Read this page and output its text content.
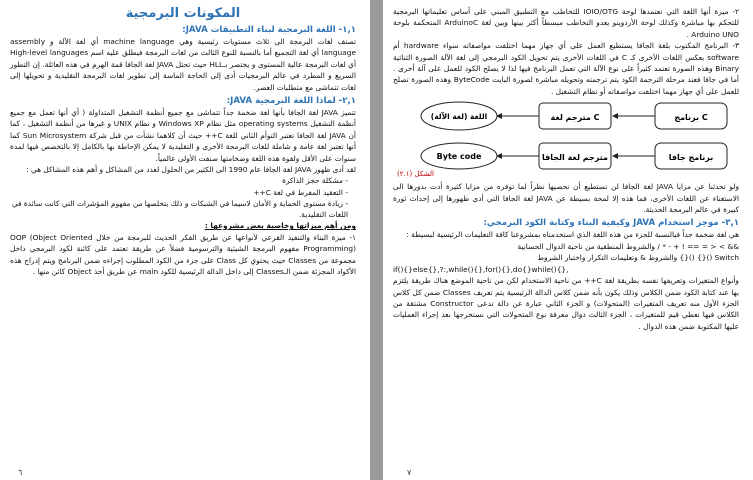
المكونات البرمجية
١,١- اللغة البرمجية لبناء التطبيقات JAVA:

تصنف لغات البرمجة الى ثلاث مستويات رئيسية وهي machine language أي لغة الآلة و assembly language أي لغة التجميع أما بالنسبة للنوع الثالث من لغات البرمجة فيطلق عليه اسم High-level languages أي لغات البرمجة عالية المستوى و يختصر بـHLL حيث تحتل JAVA لغة الجافا قمة الهرم في هذه العائلة. إن التطور السريع و المطرد في عالم البرمجيات أدى إلى الحاجة الماسة إلى تطوير لغات البرمجة التقليدية و تحويلها إلى لغات تتماشى مع متطلبات العصر.

٢,١- لماذا اللغة البرمجية JAVA:

تتميز JAVA لغة الجافا بأنها لغة ضخمة جداً تتماشى مع جميع أنظمة التشغيل المتداولة ( أي أنها تعمل مع جميع أنظمة التشغيل operating systems مثل نظام Windows XP و نظام UNIX و غيرها من أنظمة التشغيل ، كما أن JAVA لغة الجافا تعتبر التوأم الثاني للغة C++ حيث أن كلاهما نشأت من قبل شركة Sun Microsystem كما أنها تعتبر لغة عامة و شاملة للغات البرمجة الأخرى و التقليدية لا يمكن الإحاطة بها بالكامل إلا بالتخصص فيها لمدة سنوات على الأقل ولقوة هذه اللغة وضخامتها صنفت الأولى عالمياً.

لقد أدى ظهور JAVA لغة الجافا عام 1990 الى الكثير من الحلول لعدد من المشاكل و أهم هذه المشاكل هي :

- مشكلة حجز الذاكرة
- التعقيد المفرط في لغة C++
- زيادة مستوى الحماية و الأمان لاسيما في الشبكات و ذلك بتخلصها من مفهوم المؤشرات التي كانت سائدة في اللغات التقليدية.

ومن أهم ميزاتها وخاصية بعض مشروعها :

١- ميزة البناء والتنفيذ القرعي لأنواعها عن طريق الفكر الحديث للبرمجة من خلال OOP (Object Oriented Programming) مفهوم البرمجة الشيئية والترسومية فضلاً عن طريقة تعتمد على كائنة لكود البرمجي داخل مجموعة من Classes حيث يحتوي كل Class على جزء من الكود المطلوب إجراءه ضمن البرنامج ويتم إدراج هذه الأكواد المجزئة ضمن الـClasses إلى داخل الدالة الرئيسية للكود main عن طريق أخذ Object كائن منها .

٦

٢- ميزة أنها اللغة التي تعتمدها لوحة IOIO/OTG للتخاطب مع التطبيق المبني على أساس تعليماتها البرمجية للتحكم بها مباشرة وكذلك لوحة الأردوينو يعدو التخاطب مبسطاً أكثر بينها وبين لغة ArduinoC المتحكمة بلوحة Arduino UNO .

٣- البرنامج المكتوب بلغة الجافا يستطيع العمل على أي جهاز مهما اختلفت مواصفاته سواء hardware أم software بعكس اللغات الأخرى كـ C في اللغات الأخرى يتم تحويل الكود البرمجي إلى لغة الآلة الصورة الثنائية Binary وهذه الصورة تعتمد كثيراً على نوع الآلة التي تعمل البرنامج فيها لذا لا يصلح الكود للعمل على آلة أخرى . أما في جافا فعند مرحلة الترجمة الكود يتم ترجمته وتحويله مباشرة لصورة البايت ByteCode وهذه الصورة تصلح للعمل على أي جهاز مهما اختلفت مواصفاته أو نظام التشغيل .

برنامج C
مترجم لغة C
اللغة (لغة الآلة)
برنامج جافا
مترجم لغة الجافا
Byte code
الشكل (٢.١)

ولو تحدثنا عن مزايا JAVA لغة الجافا لن نستطيع أن نحصيها نظراً لما توفره من مزايا كثيرة أدت بدورها الى الاستغناء عن اللغات الأخرى، فما هذه إلا لمحة بسيطة عن JAVA لغة الجافا التي أدى ظهورها إلى إحداث ثورة كبيرة في عالم البرمجة الحديثة.

٣,١- موجز استخدام JAVA وكيفية البناء وكتابة الكود البرمجي:

هي لغة ضخمة جداً فبالنسبة للجزء من هذه اللغة الذي استخدمناه بمشروعنا كافة التعليمات الرئيسية لبسيطة :

&& > < = == ! + - * / والشروط المنطقية من ناحية الدوال الحسابية

Switch (){} (){} والشروط & وتعليمات التكرار واختبار الشروط

if(){}else{},?:,while(){},for(){},do{}while(){},

وأنواع المتغيرات وتعريفها نفسه بطريقة لغة C++ من ناحية الاستخدام لكن من ناحية الموضع هناك طريقة يلتزم بها عند كتابة الكود ضمن الكلاس وذلك يكون بأنه ضمن كلاس الدالة الرئيسية يتم تعريف Classes ضمن كل كلاس الجزء الأول منه تعريف المتغيرات (المتحولات) و الجزء الثاني عبارة عن دالة تدعى Constructor مشتقة من الكلاس فيها نعطي قيم للمتغيرات ، الجزء الثالث دوال معرفة نوع المتحولات التي نستخرجها بعد إجراء العمليات عليها المكتوبة ضمن هذه الدوال .

٧
